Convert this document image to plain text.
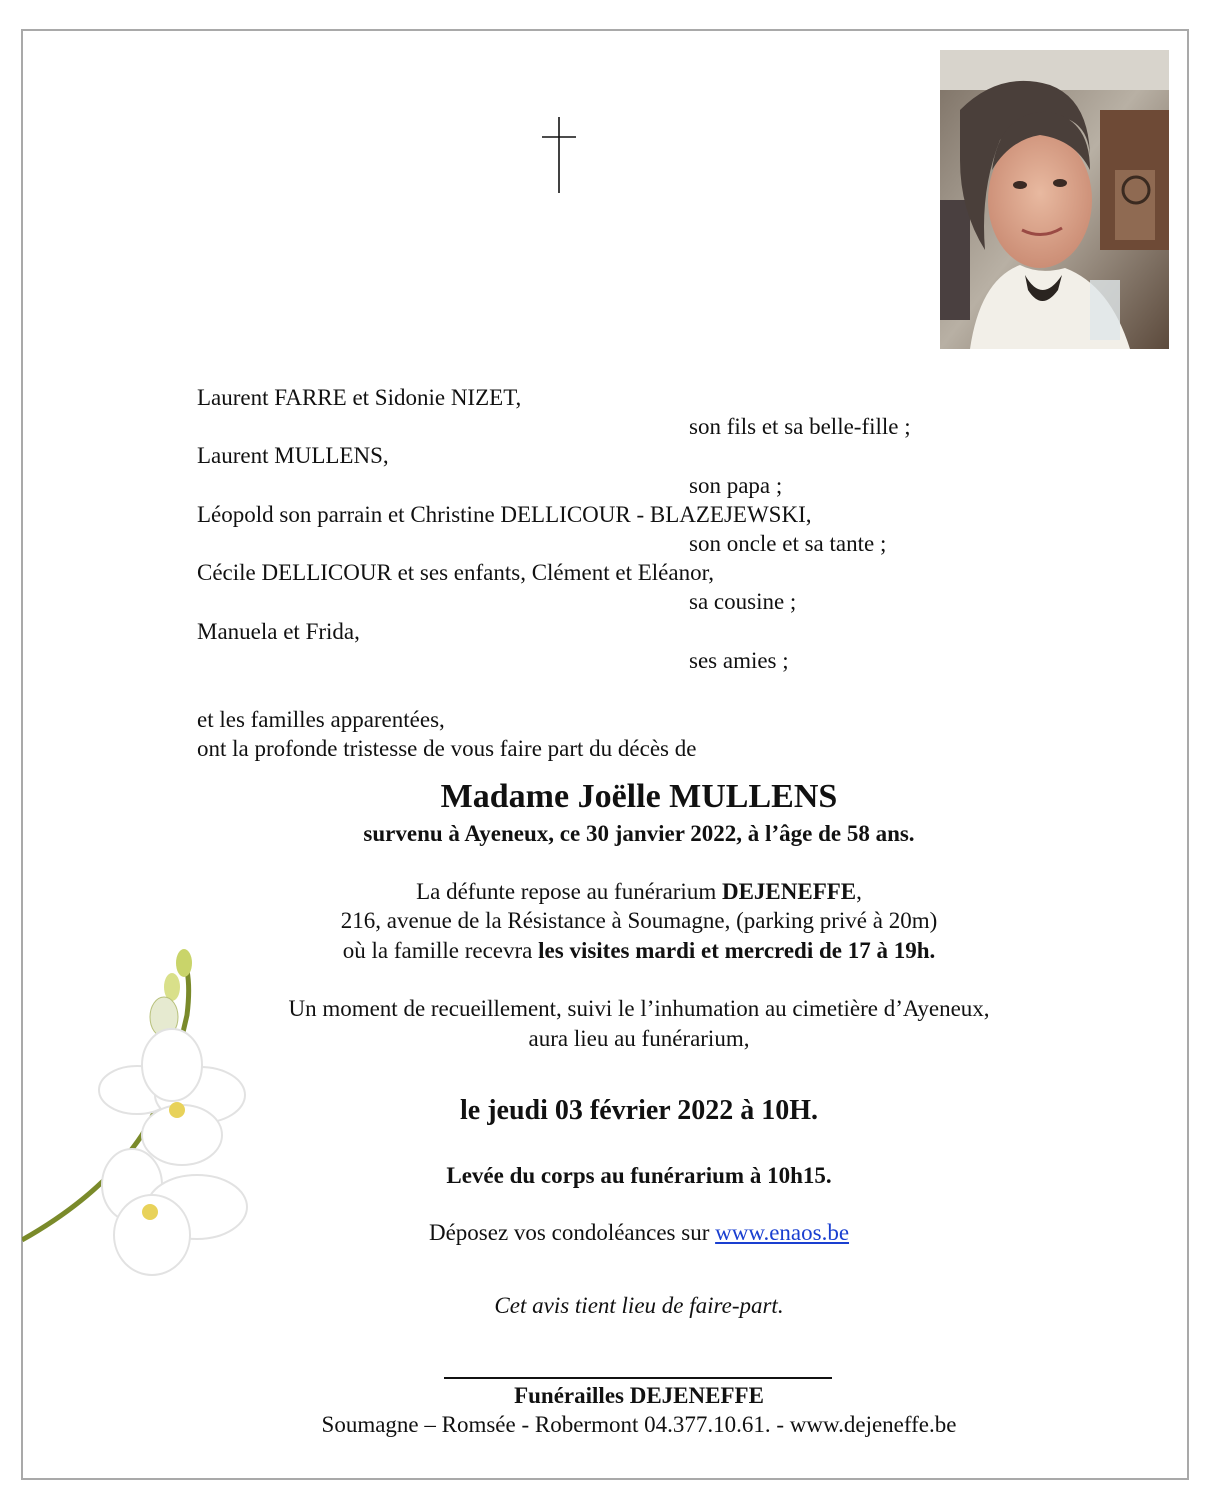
Laurent FARRE et Sidonie NIZET,
son fils et sa belle-fille ;
Laurent MULLENS,
son papa ;
Léopold son parrain et Christine DELLICOUR - BLAZEJEWSKI,
son oncle et sa tante ;
Cécile DELLICOUR et ses enfants, Clément et Eléanor,
sa cousine ;
Manuela et Frida,
ses amies ;
et les familles apparentées,
ont la profonde tristesse de vous faire part du décès de
Madame Joëlle MULLENS
survenu à Ayeneux, ce 30 janvier 2022, à l’âge de 58 ans.
La défunte repose au funérarium DEJENEFFE,
216, avenue de la Résistance à Soumagne, (parking privé à 20m)
où la famille recevra les visites mardi et mercredi de 17 à 19h.
Un moment de recueillement, suivi le l’inhumation au cimetière d’Ayeneux,
aura lieu au funérarium,
le jeudi 03 février 2022 à 10H.
Levée du corps au funérarium à 10h15.
Déposez vos condoléances sur www.enaos.be
Cet avis tient lieu de faire-part.
Funérailles DEJENEFFE
Soumagne – Romsée - Robermont 04.377.10.61. - www.dejeneffe.be
